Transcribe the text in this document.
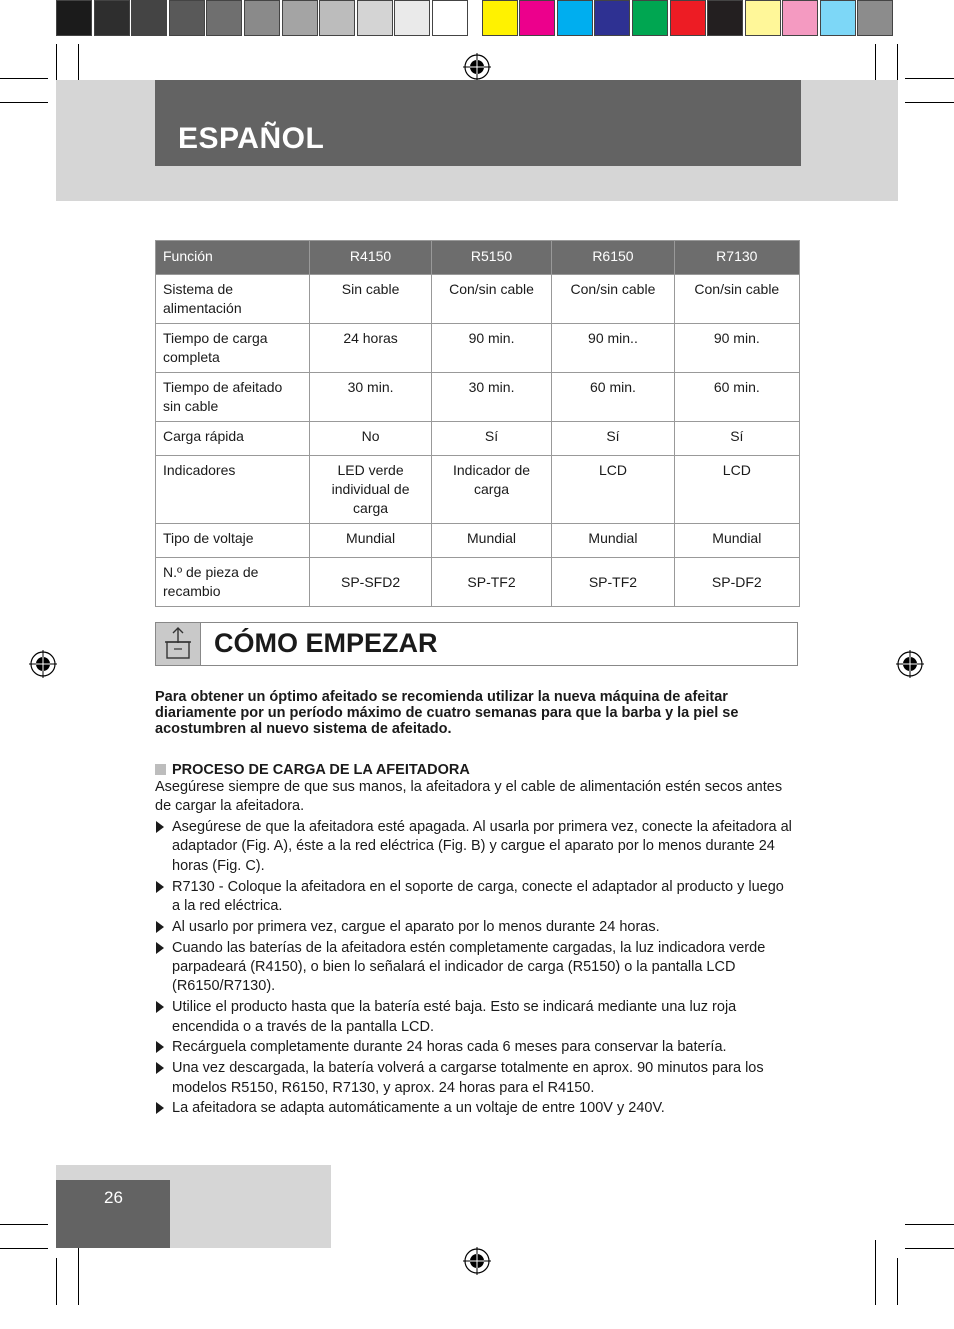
ESPAÑOL
Función	R4150	R5150	R6150	R7130
Sistema de alimentación	Sin cable	Con/sin cable	Con/sin cable	Con/sin cable
Tiempo de carga completa	24 horas	90 min.	90 min..	90 min.
Tiempo de afeitado sin cable	30 min.	30 min.	60 min.	60 min.
Carga rápida	No	Sí	Sí	Sí
Indicadores	LED verde individual de carga	Indicador de carga	LCD	LCD
Tipo de voltaje	Mundial	Mundial	Mundial	Mundial
N.º de pieza de recambio	SP-SFD2	SP-TF2	SP-TF2	SP-DF2
CÓMO EMPEZAR
Para obtener un óptimo afeitado se recomienda utilizar la nueva máquina de afeitar diariamente por un período máximo de cuatro semanas para que la barba y la piel se acostumbren al nuevo sistema de afeitado.
PROCESO DE CARGA DE LA AFEITADORA
Asegúrese siempre de que sus manos, la afeitadora y el cable de alimentación estén secos antes de cargar la afeitadora.
Asegúrese de que la afeitadora esté apagada. Al usarla por primera vez, conecte la afeitadora al adaptador (Fig. A), éste a la red eléctrica (Fig. B) y cargue el aparato por lo menos durante 24 horas (Fig. C).
R7130 - Coloque la afeitadora en el soporte de carga, conecte el adaptador al producto y luego a la red eléctrica.
Al usarlo por primera vez, cargue el aparato por lo menos durante 24 horas.
Cuando las baterías de la afeitadora estén completamente cargadas, la luz indicadora verde parpadeará (R4150), o bien lo señalará el indicador de carga (R5150) o la pantalla LCD (R6150/R7130).
Utilice el producto hasta que la batería esté baja. Esto se indicará mediante una luz roja encendida o a través de la pantalla LCD.
Recárguela completamente durante 24 horas cada 6 meses para conservar la batería.
Una vez descargada, la batería volverá a cargarse totalmente en aprox. 90 minutos para los modelos R5150, R6150, R7130, y aprox. 24 horas para el R4150.
La afeitadora se adapta automáticamente a un voltaje de entre 100V y 240V.
26
